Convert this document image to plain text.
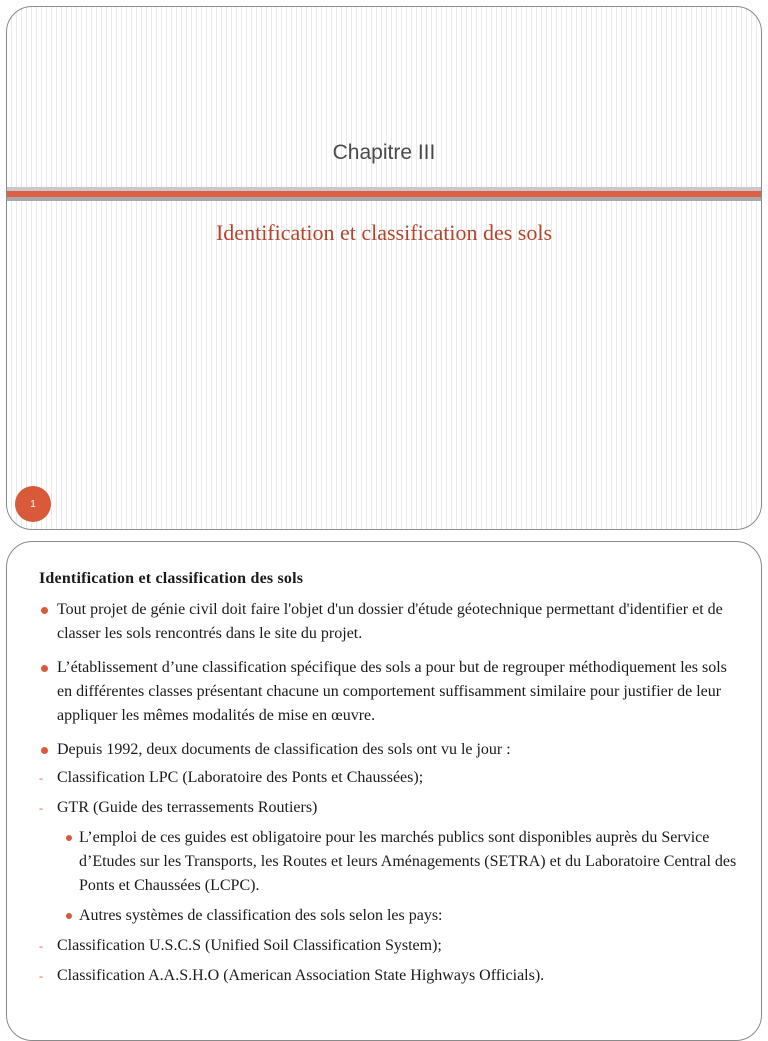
Chapitre III
Identification et classification des sols
1
Identification et classification des sols
Tout projet de génie civil doit faire l'objet d'un dossier d'étude géotechnique permettant d'identifier et de classer les sols rencontrés dans le site du projet.
L’établissement d’une classification spécifique des sols a pour but de regrouper méthodiquement les sols en différentes classes présentant chacune un comportement suffisamment similaire pour justifier de leur appliquer les mêmes modalités de mise en œuvre.
Depuis 1992, deux documents de classification des sols ont vu le jour :
- Classification LPC (Laboratoire des Ponts et Chaussées);
- GTR (Guide des terrassements Routiers)
L’emploi de ces guides est obligatoire pour les marchés publics sont disponibles auprès du Service d’Etudes sur les Transports, les Routes et leurs Aménagements (SETRA) et du Laboratoire Central des Ponts et Chaussées (LCPC).
Autres systèmes de classification des sols selon les pays:
- Classification U.S.C.S (Unified Soil Classification System);
- Classification A.A.S.H.O (American Association State Highways Officials).
